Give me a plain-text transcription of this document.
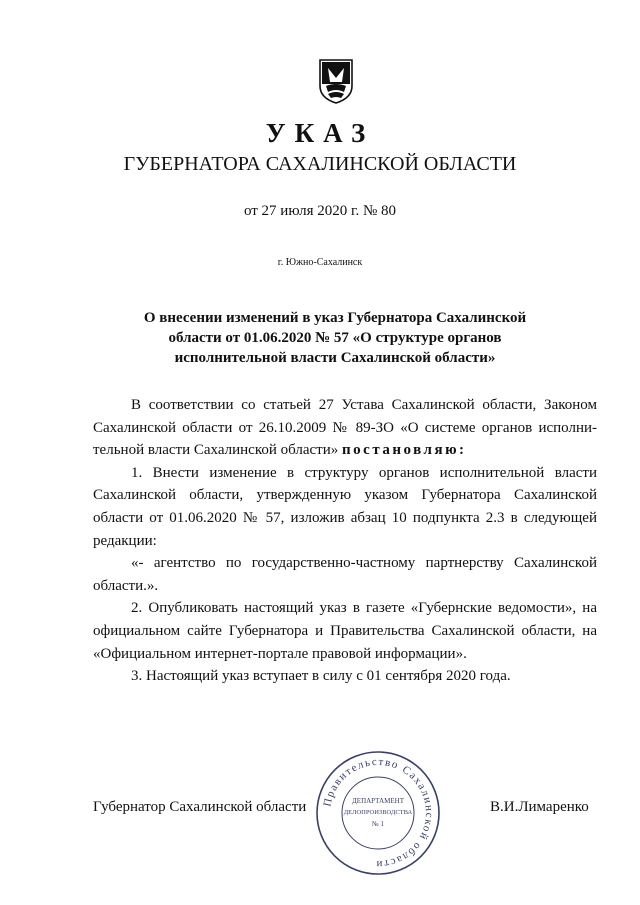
УКАЗ
ГУБЕРНАТОРА САХАЛИНСКОЙ ОБЛАСТИ
от 27 июля 2020 г. № 80
г. Южно-Сахалинск
О внесении изменений в указ Губернатора Сахалинской
области от 01.06.2020 № 57 «О структуре органов
исполнительной власти Сахалинской области»

В соответствии со статьей 27 Устава Сахалинской области, Законом Сахалинской области от 26.10.2009 № 89-ЗО «О системе органов исполни-тельной власти Сахалинской области» постановляю:

1. Внести изменение в структуру органов исполнительной власти Сахалинской области, утвержденную указом Губернатора Сахалинской области от 01.06.2020 № 57, изложив абзац 10 подпункта 2.3 в следующей редакции:

«- агентство по государственно-частному партнерству Сахалинской области.».

2. Опубликовать настоящий указ в газете «Губернские ведомости», на официальном сайте Губернатора и Правительства Сахалинской области, на «Официальном интернет-портале правовой информации».

3. Настоящий указ вступает в силу с 01 сентября 2020 года.

Губернатор Сахалинской области	В.И.Лимаренко
Правительство Сахалинской области
ДЕПАРТАМЕНТ
ДЕЛОПРОИЗВОДСТВА
№ 1
